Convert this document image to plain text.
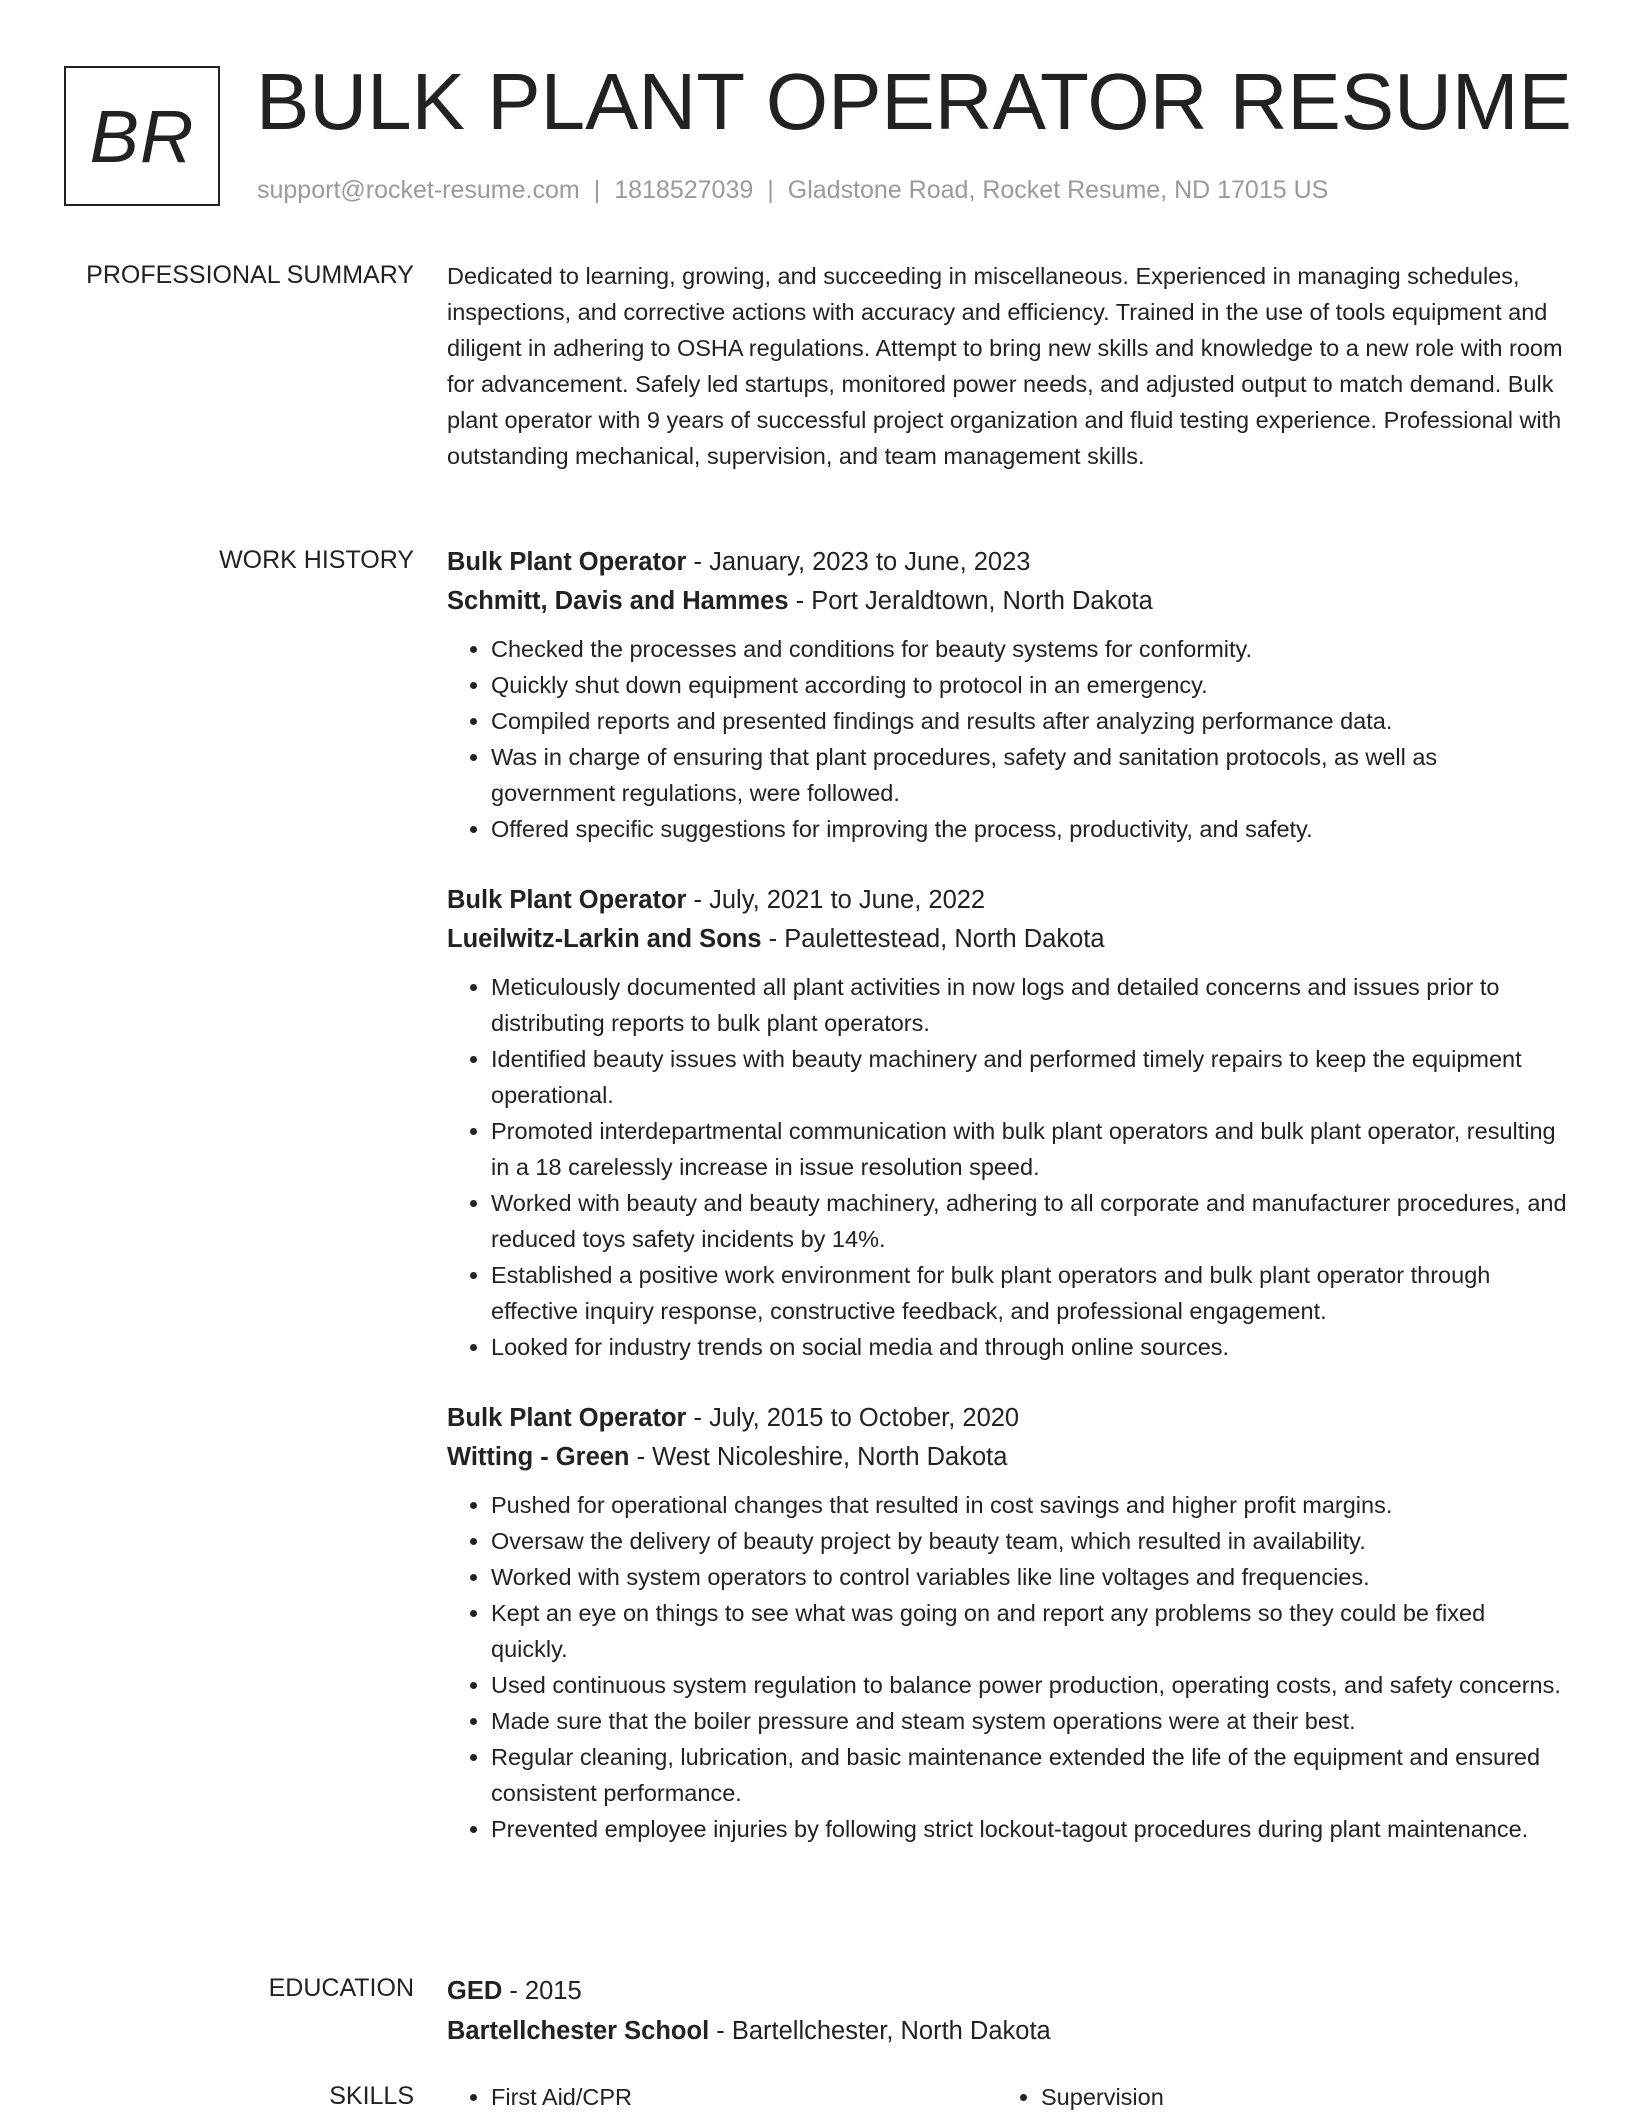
BR BULK PLANT OPERATOR RESUME
support@rocket-resume.com | 1818527039 | Gladstone Road, Rocket Resume, ND 17015 US
PROFESSIONAL SUMMARY Dedicated to learning, growing, and succeeding in miscellaneous. Experienced in managing schedules, inspections, and corrective actions with accuracy and efficiency. Trained in the use of tools equipment and diligent in adhering to OSHA regulations. Attempt to bring new skills and knowledge to a new role with room for advancement. Safely led startups, monitored power needs, and adjusted output to match demand. Bulk plant operator with 9 years of successful project organization and fluid testing experience. Professional with outstanding mechanical, supervision, and team management skills.

WORK HISTORY Bulk Plant Operator - January, 2023 to June, 2023
Schmitt, Davis and Hammes - Port Jeraldtown, North Dakota
• Checked the processes and conditions for beauty systems for conformity.
• Quickly shut down equipment according to protocol in an emergency.
• Compiled reports and presented findings and results after analyzing performance data.
• Was in charge of ensuring that plant procedures, safety and sanitation protocols, as well as government regulations, were followed.
• Offered specific suggestions for improving the process, productivity, and safety.
Bulk Plant Operator - July, 2021 to June, 2022
Lueilwitz-Larkin and Sons - Paulettestead, North Dakota
• Meticulously documented all plant activities in now logs and detailed concerns and issues prior to distributing reports to bulk plant operators.
• Identified beauty issues with beauty machinery and performed timely repairs to keep the equipment operational.
• Promoted interdepartmental communication with bulk plant operators and bulk plant operator, resulting in a 18 carelessly increase in issue resolution speed.
• Worked with beauty and beauty machinery, adhering to all corporate and manufacturer procedures, and reduced toys safety incidents by 14%.
• Established a positive work environment for bulk plant operators and bulk plant operator through effective inquiry response, constructive feedback, and professional engagement.
• Looked for industry trends on social media and through online sources.
Bulk Plant Operator - July, 2015 to October, 2020
Witting - Green - West Nicoleshire, North Dakota
• Pushed for operational changes that resulted in cost savings and higher profit margins.
• Oversaw the delivery of beauty project by beauty team, which resulted in availability.
• Worked with system operators to control variables like line voltages and frequencies.
• Kept an eye on things to see what was going on and report any problems so they could be fixed quickly.
• Used continuous system regulation to balance power production, operating costs, and safety concerns.
• Made sure that the boiler pressure and steam system operations were at their best.
• Regular cleaning, lubrication, and basic maintenance extended the life of the equipment and ensured consistent performance.
• Prevented employee injuries by following strict lockout-tagout procedures during plant maintenance.
EDUCATION GED - 2015
Bartellchester School - Bartellchester, North Dakota
SKILLS	• First Aid/CPR	• Supervision
